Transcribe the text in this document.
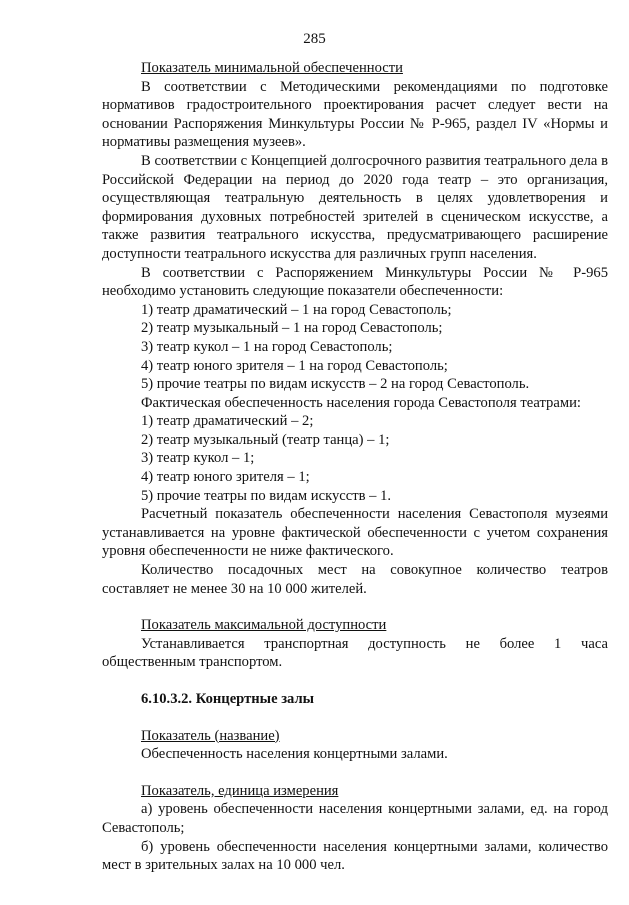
285
Показатель минимальной обеспеченности
В соответствии с Методическими рекомендациями по подготовке нормативов градостроительного проектирования расчет следует вести на основании Распоряжения Минкультуры России № Р-965, раздел IV «Нормы и нормативы размещения музеев».
В соответствии с Концепцией долгосрочного развития театрального дела в Российской Федерации на период до 2020 года театр – это организация, осуществляющая театральную деятельность в целях удовлетворения и формирования духовных потребностей зрителей в сценическом искусстве, а также развития театрального искусства, предусматривающего расширение доступности театрального искусства для различных групп населения.
В соответствии с Распоряжением Минкультуры России № Р-965 необходимо установить следующие показатели обеспеченности:
1) театр драматический – 1 на город Севастополь;
2) театр музыкальный – 1 на город Севастополь;
3) театр кукол – 1 на город Севастополь;
4) театр юного зрителя – 1 на город Севастополь;
5) прочие театры по видам искусств – 2 на город Севастополь.
Фактическая обеспеченность населения города Севастополя театрами:
1) театр драматический – 2;
2) театр музыкальный (театр танца) – 1;
3) театр кукол – 1;
4) театр юного зрителя – 1;
5) прочие театры по видам искусств – 1.
Расчетный показатель обеспеченности населения Севастополя музеями устанавливается на уровне фактической обеспеченности с учетом сохранения уровня обеспеченности не ниже фактического.
Количество посадочных мест на совокупное количество театров составляет не менее 30 на 10 000 жителей.
Показатель максимальной доступности
Устанавливается транспортная доступность не более 1 часа общественным транспортом.
6.10.3.2. Концертные залы
Показатель (название)
Обеспеченность населения концертными залами.
Показатель, единица измерения
а) уровень обеспеченности населения концертными залами, ед. на город Севастополь;
б) уровень обеспеченности населения концертными залами, количество мест в зрительных залах на 10 000 чел.
